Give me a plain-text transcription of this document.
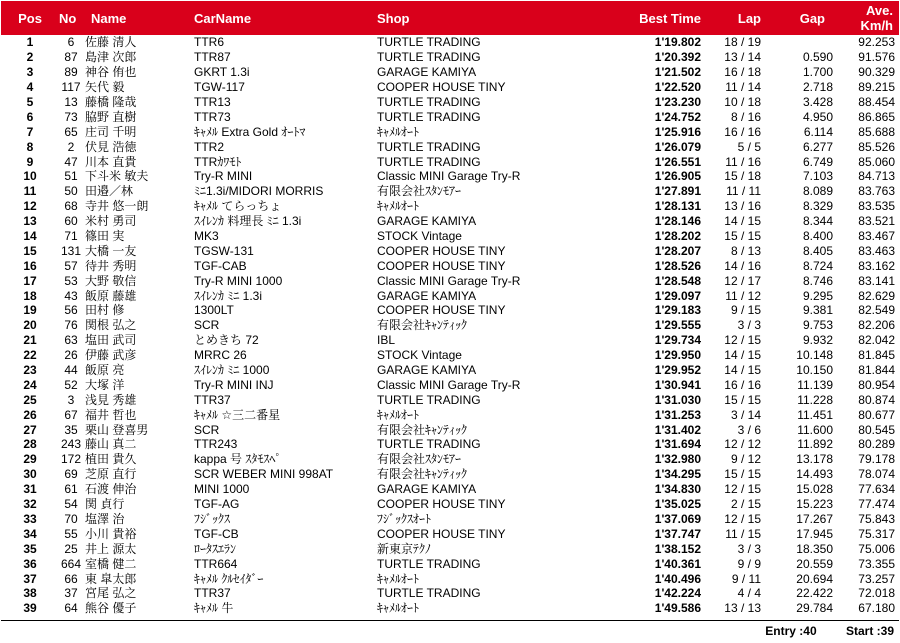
Pos	No	Name	CarName	Shop	Best Time	Lap	Gap	Ave.
Km/h

1	6	佐藤 清人	TTR6	TURTLE TRADING	1'19.802	18 / 19		92.253
2	87	島津 次郎	TTR87	TURTLE TRADING	1'20.392	13 / 14	0.590	91.576
3	89	神谷 侑也	GKRT 1.3i	GARAGE KAMIYA	1'21.502	16 / 18	1.700	90.329
4	117	矢代 毅	TGW-117	COOPER HOUSE TINY	1'22.520	11 / 14	2.718	89.215
5	13	藤橋 隆哉	TTR13	TURTLE TRADING	1'23.230	10 / 18	3.428	88.454
6	73	脇野 直樹	TTR73	TURTLE TRADING	1'24.752	8 / 16	4.950	86.865
7	65	庄司 千明	ｷｬﾒﾙ Extra Gold ｵｰﾄﾏ	ｷｬﾒﾙｵｰﾄ	1'25.916	16 / 16	6.114	85.688
8	2	伏見 浩徳	TTR2	TURTLE TRADING	1'26.079	5 / 5	6.277	85.526
9	47	川本 直貴	TTRｶﾜﾓﾄ	TURTLE TRADING	1'26.551	11 / 16	6.749	85.060
10	51	下斗米 敏夫	Try-R MINI	Classic MINI Garage Try-R	1'26.905	15 / 18	7.103	84.713
11	50	田邉／林	ﾐﾆ1.3i/MIDORI MORRIS	有限会社ｽﾀﾝﾓｱｰ	1'27.891	11 / 11	8.089	83.763
12	68	寺井 悠一朗	ｷｬﾒﾙ てらっちょ	ｷｬﾒﾙｵｰﾄ	1'28.131	13 / 16	8.329	83.535
13	60	米村 勇司	ｽｲﾚﾝｶ 料理長 ﾐﾆ 1.3i	GARAGE KAMIYA	1'28.146	14 / 15	8.344	83.521
14	71	篠田 実	MK3	STOCK Vintage	1'28.202	15 / 15	8.400	83.467
15	131	大橋 一友	TGSW-131	COOPER HOUSE TINY	1'28.207	8 / 13	8.405	83.463
16	57	待井 秀明	TGF-CAB	COOPER HOUSE TINY	1'28.526	14 / 16	8.724	83.162
17	53	大野 敬信	Try-R MINI 1000	Classic MINI Garage Try-R	1'28.548	12 / 17	8.746	83.141
18	43	飯原 藤雄	ｽｲﾚﾝｶ ﾐﾆ 1.3i	GARAGE KAMIYA	1'29.097	11 / 12	9.295	82.629
19	56	田村 修	1300LT	COOPER HOUSE TINY	1'29.183	9 / 15	9.381	82.549
20	76	関根 弘之	SCR	有限会社ｷｬﾝﾃｨｯｸ	1'29.555	3 / 3	9.753	82.206
21	63	塩田 武司	とめきち 72	IBL	1'29.734	12 / 15	9.932	82.042
22	26	伊藤 武彦	MRRC 26	STOCK Vintage	1'29.950	14 / 15	10.148	81.845
23	44	飯原 亮	ｽｲﾚﾝｶ ﾐﾆ 1000	GARAGE KAMIYA	1'29.952	14 / 15	10.150	81.844
24	52	大塚 洋	Try-R MINI INJ	Classic MINI Garage Try-R	1'30.941	16 / 16	11.139	80.954
25	3	浅見 秀雄	TTR37	TURTLE TRADING	1'31.030	15 / 15	11.228	80.874
26	67	福井 哲也	ｷｬﾒﾙ ☆三二番星	ｷｬﾒﾙｵｰﾄ	1'31.253	3 / 14	11.451	80.677
27	35	栗山 登喜男	SCR	有限会社ｷｬﾝﾃｨｯｸ	1'31.402	3 / 6	11.600	80.545
28	243	藤山 真二	TTR243	TURTLE TRADING	1'31.694	12 / 12	11.892	80.289
29	172	植田 貴久	kappa 号 ｽﾀﾓｽﾍﾟ	有限会社ｽﾀﾝﾓｱｰ	1'32.980	9 / 12	13.178	79.178
30	69	芝原 直行	SCR WEBER MINI 998AT	有限会社ｷｬﾝﾃｨｯｸ	1'34.295	15 / 15	14.493	78.074
31	61	石渡 伸治	MINI 1000	GARAGE KAMIYA	1'34.830	12 / 15	15.028	77.634
32	54	関 貞行	TGF-AG	COOPER HOUSE TINY	1'35.025	2 / 15	15.223	77.474
33	70	塩澤 治	ﾌｼﾞｯｸｽ	ﾌｼﾞｯｸｽｵｰﾄ	1'37.069	12 / 15	17.267	75.843
34	55	小川 貴裕	TGF-CB	COOPER HOUSE TINY	1'37.747	11 / 15	17.945	75.317
35	25	井上 源太	ﾛｰﾀｽｴﾗﾝ	新東京ﾃｸﾉ	1'38.152	3 / 3	18.350	75.006
36	664	室橋 健二	TTR664	TURTLE TRADING	1'40.361	9 / 9	20.559	73.355
37	66	東 皐太郎	ｷｬﾒﾙ ｸﾙｾｲﾀﾞｰ	ｷｬﾒﾙｵｰﾄ	1'40.496	9 / 11	20.694	73.257
38	37	宮尾 弘之	TTR37	TURTLE TRADING	1'42.224	4 / 4	22.422	72.018
39	64	熊谷 優子	ｷｬﾒﾙ 牛	ｷｬﾒﾙｵｰﾄ	1'49.586	13 / 13	29.784	67.180
Entry :40 Start :39
